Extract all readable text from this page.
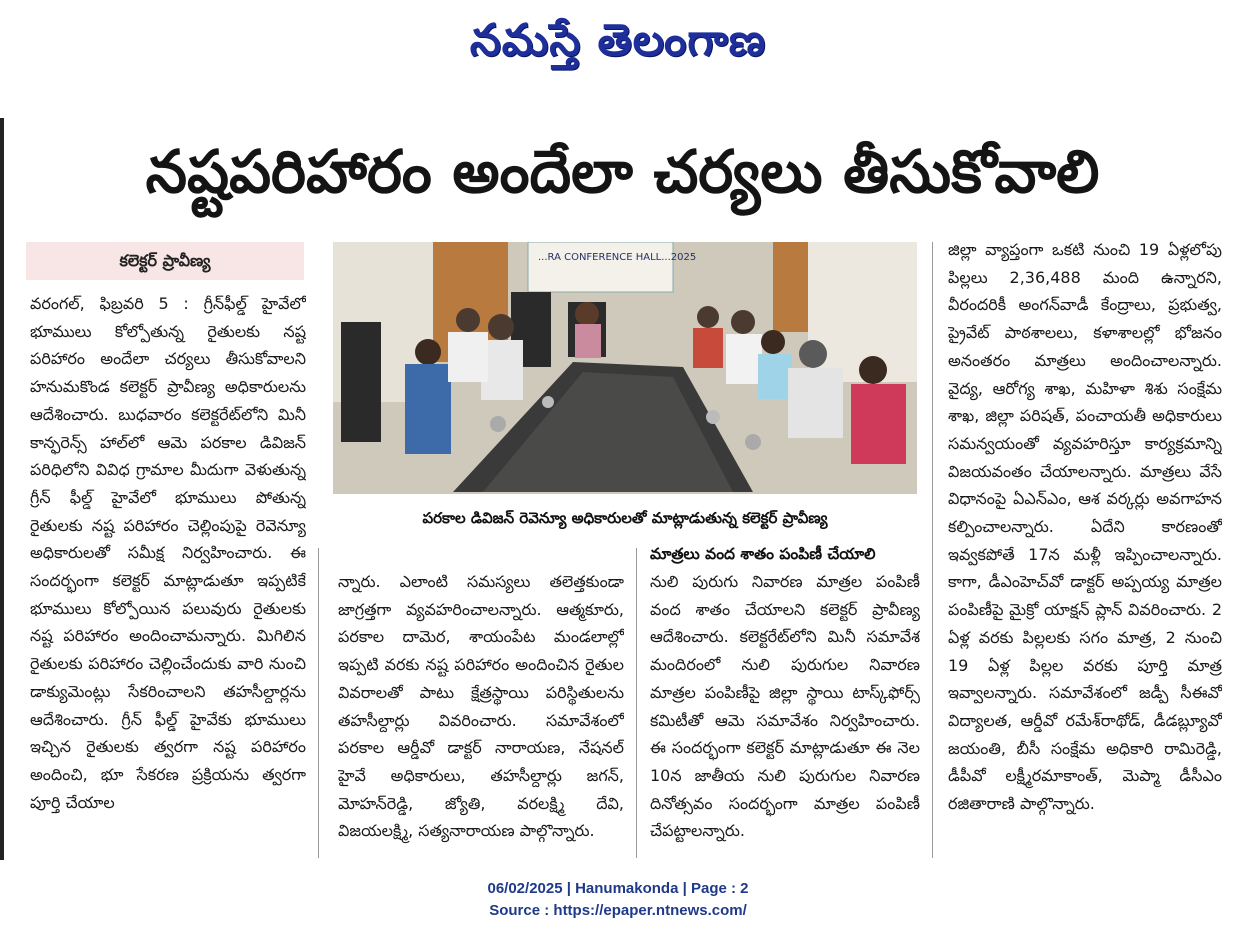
నమస్తే తెలంగాణ
నష్టపరిహారం అందేలా చర్యలు తీసుకోవాలి
కలెక్టర్ ప్రావీణ్య
వరంగల్, ఫిబ్రవరి 5 : గ్రీన్‌ఫీల్డ్ హైవేలో భూములు కోల్పోతున్న రైతులకు నష్ట పరిహారం అందేలా చర్యలు తీసుకోవాలని హనుమకొండ కలెక్టర్ ప్రావీణ్య అధికారులను ఆదేశించారు. బుధవారం కలెక్టరేట్‌లోని మినీ కాన్ఫరెన్స్ హాల్‌లో ఆమె పరకాల డివిజన్ పరిధిలోని వివిధ గ్రామాల మీదుగా వెళుతున్న గ్రీన్ ఫీల్డ్ హైవేలో భూములు పోతున్న రైతులకు నష్ట పరిహారం చెల్లింపుపై రెవెన్యూ అధికారులతో సమీక్ష నిర్వహించారు. ఈ సందర్భంగా కలెక్టర్ మాట్లాడుతూ ఇప్పటికే భూములు కోల్పోయిన పలువురు రైతులకు నష్ట పరిహారం అందించామన్నారు. మిగిలిన రైతులకు పరిహారం చెల్లించేందుకు వారి నుంచి డాక్యుమెంట్లు సేకరించాలని తహసీల్దార్లను ఆదేశించారు. గ్రీన్ ఫీల్డ్ హైవేకు భూములు ఇచ్చిన రైతులకు త్వరగా నష్ట పరిహారం అందించి, భూ సేకరణ ప్రక్రియను త్వరగా పూర్తి చేయాల
...RA CONFERENCE HALL...2025
పరకాల డివిజన్ రెవెన్యూ అధికారులతో మాట్లాడుతున్న కలెక్టర్ ప్రావీణ్య
న్నారు. ఎలాంటి సమస్యలు తలెత్తకుండా జాగ్రత్తగా వ్యవహరించాలన్నారు. ఆత్మకూరు, పరకాల దామెర, శాయంపేట మండలాల్లో ఇప్పటి వరకు నష్ట పరిహారం అందించిన రైతుల వివరాలతో పాటు క్షేత్రస్థాయి పరిస్థితులను తహసీల్దార్లు వివరించారు. సమావేశంలో పరకాల ఆర్డీవో డాక్టర్ నారాయణ, నేషనల్ హైవే అధికారులు, తహసీల్దార్లు జగన్, మోహన్‌రెడ్డి, జ్యోతి, వరలక్ష్మి దేవి, విజయలక్ష్మి, సత్యనారాయణ పాల్గొన్నారు.
మాత్రలు వంద శాతం పంపిణీ చేయాలి
నులి పురుగు నివారణ మాత్రల పంపిణీ వంద శాతం చేయాలని కలెక్టర్ ప్రావీణ్య ఆదేశించారు. కలెక్టరేట్‌లోని మినీ సమావేశ మందిరంలో నులి పురుగుల నివారణ మాత్రల పంపిణీపై జిల్లా స్థాయి టాస్క్‌ఫోర్స్ కమిటీతో ఆమె సమావేశం నిర్వహించారు. ఈ సందర్భంగా కలెక్టర్ మాట్లాడుతూ ఈ నెల 10న జాతీయ నులి పురుగుల నివారణ దినోత్సవం సందర్భంగా మాత్రల పంపిణీ చేపట్టాలన్నారు.
జిల్లా వ్యాప్తంగా ఒకటి నుంచి 19 ఏళ్లలోపు పిల్లలు 2,36,488 మంది ఉన్నారని, వీరందరికీ అంగన్‌వాడీ కేంద్రాలు, ప్రభుత్వ, ప్రైవేట్ పాఠశాలలు, కళాశాలల్లో భోజనం అనంతరం మాత్రలు అందించాలన్నారు. వైద్య, ఆరోగ్య శాఖ, మహిళా శిశు సంక్షేమ శాఖ, జిల్లా పరిషత్, పంచాయతీ అధికారులు సమన్వయంతో వ్యవహరిస్తూ కార్యక్రమాన్ని విజయవంతం చేయాలన్నారు. మాత్రలు వేసే విధానంపై ఏఎన్‌ఎం, ఆశ వర్కర్లు అవగాహన కల్పించాలన్నారు. ఏదేని కారణంతో ఇవ్వకపోతే 17న మళ్లీ ఇప్పించాలన్నారు. కాగా, డీఎంహెచ్‌వో డాక్టర్ అప్పయ్య మాత్రల పంపిణీపై మైక్రో యాక్షన్ ప్లాన్ వివరించారు. 2 ఏళ్ల వరకు పిల్లలకు సగం మాత్ర, 2 నుంచి 19 ఏళ్ల పిల్లల వరకు పూర్తి మాత్ర ఇవ్వాలన్నారు. సమావేశంలో జడ్పీ సీఈవో విద్యాలత, ఆర్డీవో రమేశ్‌రాథోడ్, డీడబ్ల్యూవో జయంతి, బీసీ సంక్షేమ అధికారి రామిరెడ్డి, డీపీవో లక్ష్మీరమాకాంత్, మెప్మా డీసీఎం రజితారాణి పాల్గొన్నారు.
06/02/2025 | Hanumakonda | Page : 2
Source : https://epaper.ntnews.com/
